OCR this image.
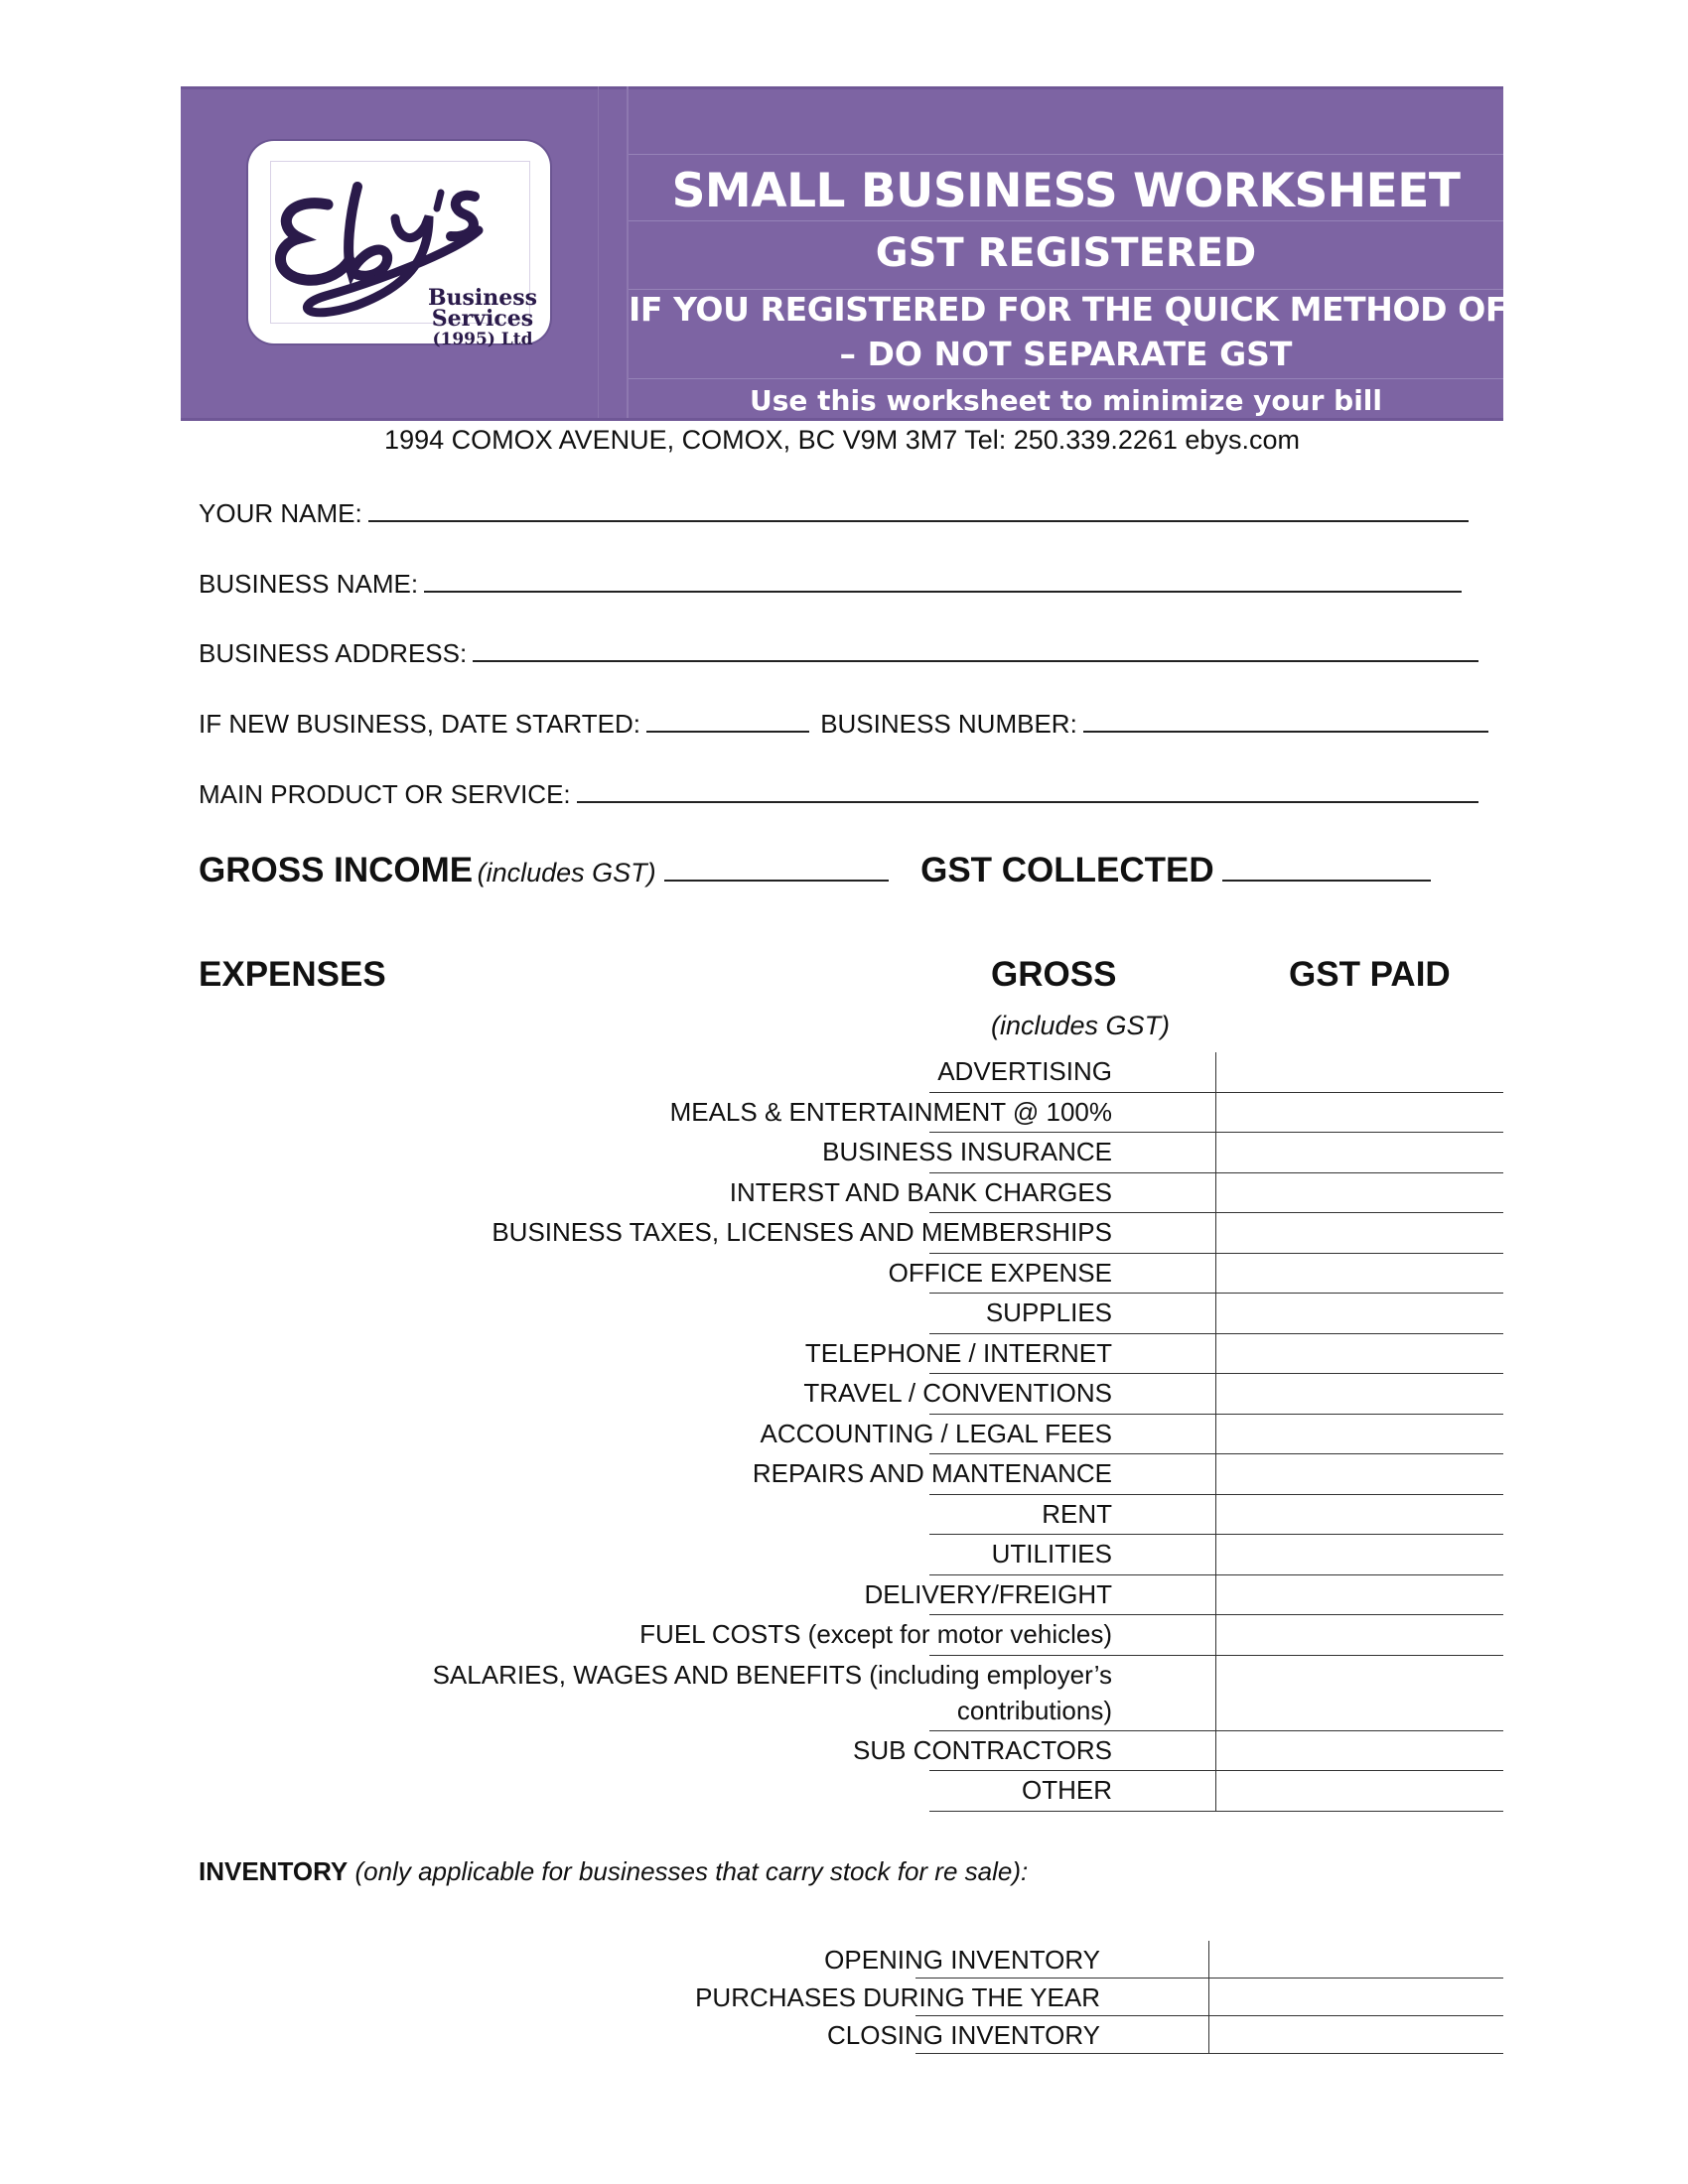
Business
Services
(1995) Ltd
SMALL BUSINESS WORKSHEET
GST REGISTERED
IF YOU REGISTERED FOR THE QUICK METHOD OF GST
– DO NOT SEPARATE GST
Use this worksheet to minimize your bill
1994 COMOX AVENUE, COMOX, BC V9M 3M7 Tel: 250.339.2261 ebys.com
YOUR NAME:
BUSINESS NAME:
BUSINESS ADDRESS:
IF NEW BUSINESS, DATE STARTED:	BUSINESS NUMBER:
MAIN PRODUCT OR SERVICE:
GROSS INCOME (includes GST)	GST COLLECTED
EXPENSES	GROSS	GST PAID
(includes GST)
ADVERTISING
MEALS & ENTERTAINMENT @ 100%
BUSINESS INSURANCE
INTERST AND BANK CHARGES
BUSINESS TAXES, LICENSES AND MEMBERSHIPS
OFFICE EXPENSE
SUPPLIES
TELEPHONE / INTERNET
TRAVEL / CONVENTIONS
ACCOUNTING / LEGAL FEES
REPAIRS AND MANTENANCE
RENT
UTILITIES
DELIVERY/FREIGHT
FUEL COSTS (except for motor vehicles)
SALARIES, WAGES AND BENEFITS (including employer’s
contributions)
SUB CONTRACTORS
OTHER
INVENTORY (only applicable for businesses that carry stock for re sale):
OPENING INVENTORY
PURCHASES DURING THE YEAR
CLOSING INVENTORY
